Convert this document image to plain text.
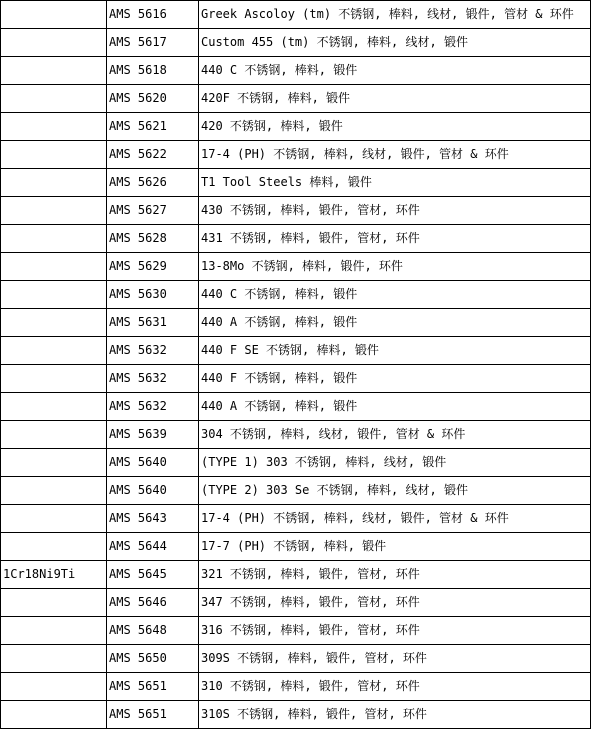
	AMS 5616	Greek Ascoloy (tm) 不锈钢, 棒料, 线材, 锻件, 管材 & 环件
	AMS 5617	Custom 455 (tm) 不锈钢, 棒料, 线材, 锻件
	AMS 5618	440 C 不锈钢, 棒料, 锻件
	AMS 5620	420F 不锈钢, 棒料, 锻件
	AMS 5621	420 不锈钢, 棒料, 锻件
	AMS 5622	17-4 (PH) 不锈钢, 棒料, 线材, 锻件, 管材 & 环件
	AMS 5626	T1 Tool Steels 棒料, 锻件
	AMS 5627	430 不锈钢, 棒料, 锻件, 管材, 环件
	AMS 5628	431 不锈钢, 棒料, 锻件, 管材, 环件
	AMS 5629	13-8Mo 不锈钢, 棒料, 锻件, 环件
	AMS 5630	440 C 不锈钢, 棒料, 锻件
	AMS 5631	440 A 不锈钢, 棒料, 锻件
	AMS 5632	440 F SE 不锈钢, 棒料, 锻件
	AMS 5632	440 F 不锈钢, 棒料, 锻件
	AMS 5632	440 A 不锈钢, 棒料, 锻件
	AMS 5639	304 不锈钢, 棒料, 线材, 锻件, 管材 & 环件
	AMS 5640	(TYPE 1) 303 不锈钢, 棒料, 线材, 锻件
	AMS 5640	(TYPE 2) 303 Se 不锈钢, 棒料, 线材, 锻件
	AMS 5643	17-4 (PH) 不锈钢, 棒料, 线材, 锻件, 管材 & 环件
	AMS 5644	17-7 (PH) 不锈钢, 棒料, 锻件
1Cr18Ni9Ti	AMS 5645	321 不锈钢, 棒料, 锻件, 管材, 环件
	AMS 5646	347 不锈钢, 棒料, 锻件, 管材, 环件
	AMS 5648	316 不锈钢, 棒料, 锻件, 管材, 环件
	AMS 5650	309S 不锈钢, 棒料, 锻件, 管材, 环件
	AMS 5651	310 不锈钢, 棒料, 锻件, 管材, 环件
	AMS 5651	310S 不锈钢, 棒料, 锻件, 管材, 环件
